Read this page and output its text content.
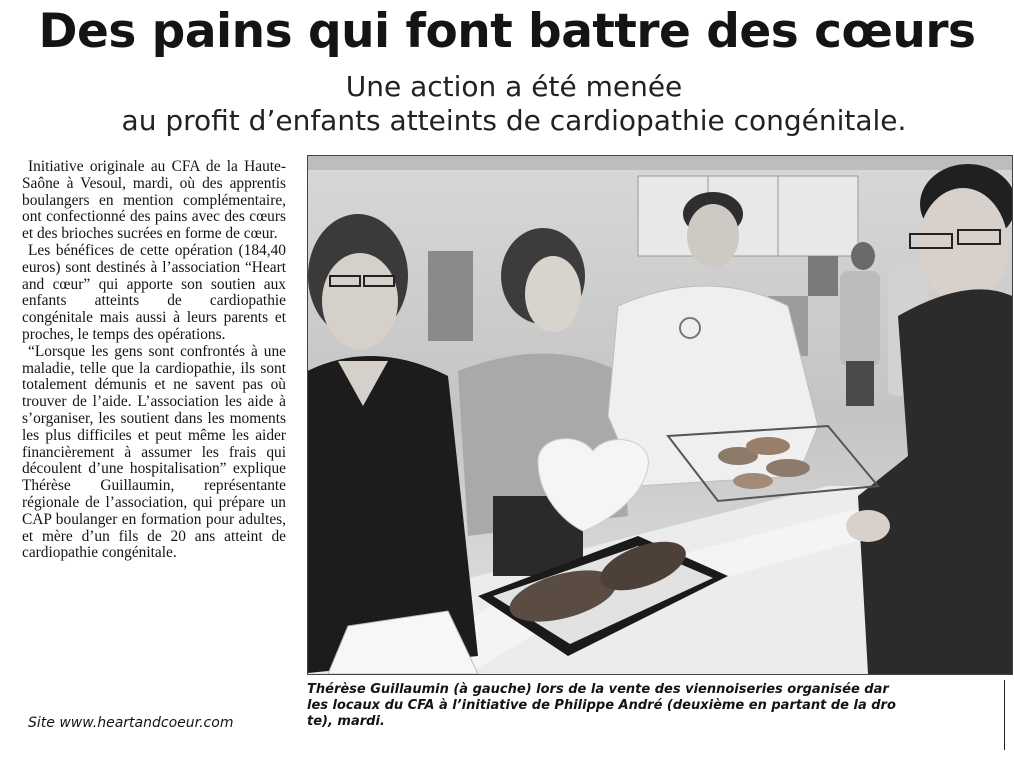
Des pains qui font battre des cœurs
Une action a été menée
au profit d’enfants atteints de cardiopathie congénitale.

Initiative originale au CFA de la Haute-Saône à Vesoul, mardi, où des apprentis boulangers en mention complémentaire, ont confectionné des pains avec des cœurs et des brioches sucrées en forme de cœur.

Les bénéfices de cette opération (184,40 euros) sont destinés à l’association “Heart and cœur” qui apporte son soutien aux enfants atteints de cardiopathie congénitale mais aussi à leurs parents et proches, le temps des opérations.

“Lorsque les gens sont confrontés à une maladie, telle que la cardiopathie, ils sont totalement démunis et ne savent pas où trouver de l’aide. L’association les aide à s’organiser, les soutient dans les moments les plus difficiles et peut même les aider financièrement à assumer les frais qui découlent d’une hospitalisation” explique Thérèse Guillaumin, représentante régionale de l’association, qui prépare un CAP boulanger en formation pour adultes, et mère d’un fils de 20 ans atteint de cardiopathie congénitale.

Site www.heartandcoeur.com
Thérèse Guillaumin (à gauche) lors de la vente des viennoiseries organisée dar
les locaux du CFA à l’initiative de Philippe André (deuxième en partant de la dro
te), mardi.
